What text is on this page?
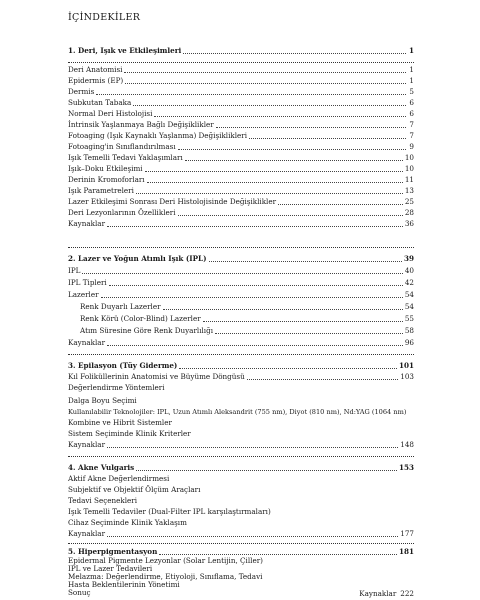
İÇİNDEKİLER
1. Deri, Işık ve Etkileşimleri	1
Deri Anatomisi	1
Epidermis (EP)	1
Dermis	5
Subkutan Tabaka	6
Normal Deri Histolojisi	6
İntrinsik Yaşlanmaya Bağlı Değişiklikler	7
Fotoaging (Işık Kaynaklı Yaşlanma) Değişiklikleri	7
Fotoaging'in Sınıflandırılması	9
Işık Temelli Tedavi Yaklaşımları	10
Işık–Doku Etkileşimi	10
Derinin Kromoforları	11
Işık Parametreleri	13
Lazer Etkileşimi Sonrası Deri Histolojisinde Değişiklikler	25
Deri Lezyonlarının Özellikleri	28
Kaynaklar	36
2. Lazer ve Yoğun Atımlı Işık (IPL)	39
IPL	40
IPL Tipleri	42
Lazerler	54
Renk Duyarlı Lazerler	54
Renk Körü (Color-Blind) Lazerler	55
Atım Süresine Göre Renk Duyarlılığı	58
Kaynaklar	96
3. Epilasyon (Tüy Giderme)	101
Kıl Foliküllerinin Anatomisi ve Büyüme Döngüsü	103
Değerlendirme Yöntemleri
Dalga Boyu Seçimi
Kullanılabilir Teknolojiler: IPL, Uzun Atımlı Aleksandrit (755 nm), Diyot (810 nm), Nd:YAG (1064 nm)
Kombine ve Hibrit Sistemler
Sistem Seçiminde Klinik Kriterler
Kaynaklar	148
4. Akne Vulgaris	153
Aktif Akne Değerlendirmesi
Subjektif ve Objektif Ölçüm Araçları
Tedavi Seçenekleri
Işık Temelli Tedaviler (Dual-Filter IPL karşılaştırmaları)
Cihaz Seçiminde Klinik Yaklaşım
Kaynaklar	177
5. Hiperpigmentasyon	181
Epidermal Pigmente Lezyonlar (Solar Lentijin, Çiller)
IPL ve Lazer Tedavileri
Melazma: Değerlendirme, Etiyoloji, Sınıflama, Tedavi
Hasta Beklentilerinin Yönetimi
Sonuç	Kaynaklar 222
